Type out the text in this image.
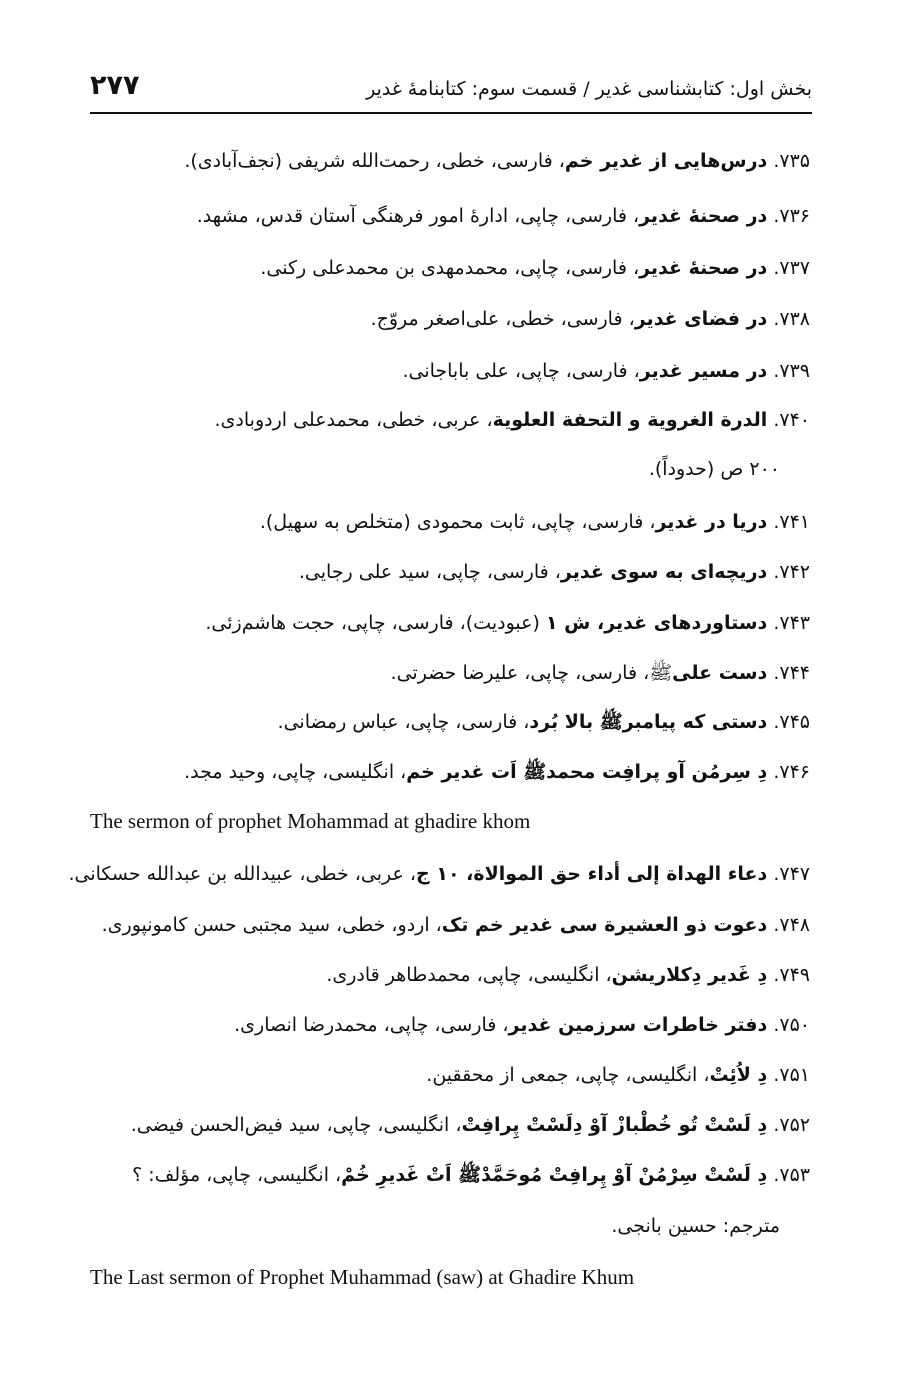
۲۷۷	بخش اول: کتابشناسی غدیر / قسمت سوم: کتابنامهٔ غدیر
۷۳۵. درس‌هایی از غدیر خم، فارسی، خطی، رحمت‌الله شریفی (نجف‌آبادی).
۷۳۶. در صحنهٔ غدیر، فارسی، چاپی، ادارهٔ امور فرهنگی آستان قدس، مشهد.
۷۳۷. در صحنهٔ غدیر، فارسی، چاپی، محمدمهدی بن محمدعلی رکنی.
۷۳۸. در فضای غدیر، فارسی، خطی، علی‌اصغر مروّج.
۷۳۹. در مسیر غدیر، فارسی، چاپی، علی باباجانی.
۷۴۰. الدرة الغروية و التحفة العلوية، عربی، خطی، محمدعلی اردوبادی.
۲۰۰ ص (حدوداً).
۷۴۱. دریا در غدیر، فارسی، چاپی، ثابت محمودی (متخلص به سهیل).
۷۴۲. دریچه‌ای به سوی غدیر، فارسی، چاپی، سید علی رجایی.
۷۴۳. دستاوردهای غدیر، ش ۱ (عبودیت)، فارسی، چاپی، حجت هاشم‌زئی.
۷۴۴. دست علیﷺ، فارسی، چاپی، علیرضا حضرتی.
۷۴۵. دستی که پیامبرﷺ بالا بُرد، فارسی، چاپی، عباس رمضانی.
۷۴۶. دِ سِرمُن آو پرافِت محمدﷺ اَت غدیر خم، انگلیسی، چاپی، وحید مجد.
The sermon of prophet Mohammad at ghadire khom
۷۴۷. دعاء الهداة إلی أداء حق الموالاة، ۱۰ ج، عربی، خطی، عبیدالله بن عبدالله حسکانی.
۷۴۸. دعوت ذو العشيرة سی غدیر خم تک، اردو، خطی، سید مجتبی حسن کامونپوری.
۷۴۹. دِ غَدیر دِکلاریشن، انگلیسی، چاپی، محمدطاهر قادری.
۷۵۰. دفتر خاطرات سرزمین غدیر، فارسی، چاپی، محمدرضا انصاری.
۷۵۱. دِ لاُئِتْ، انگلیسی، چاپی، جمعی از محققین.
۷۵۲. دِ لَسْتْ تُو خُطْبازْ آوْ دِلَسْتْ پِرافِتْ، انگلیسی، چاپی، سید فیض‌الحسن فیضی.
۷۵۳. دِ لَسْتْ سِرْمُنْ آوْ پِرافِتْ مُوحَمَّدْﷺ اَتْ غَدیرِ خُمْ، انگلیسی، چاپی، مؤلف: ؟
مترجم: حسین بانجی.
The Last sermon of Prophet Muhammad (saw) at Ghadire Khum
